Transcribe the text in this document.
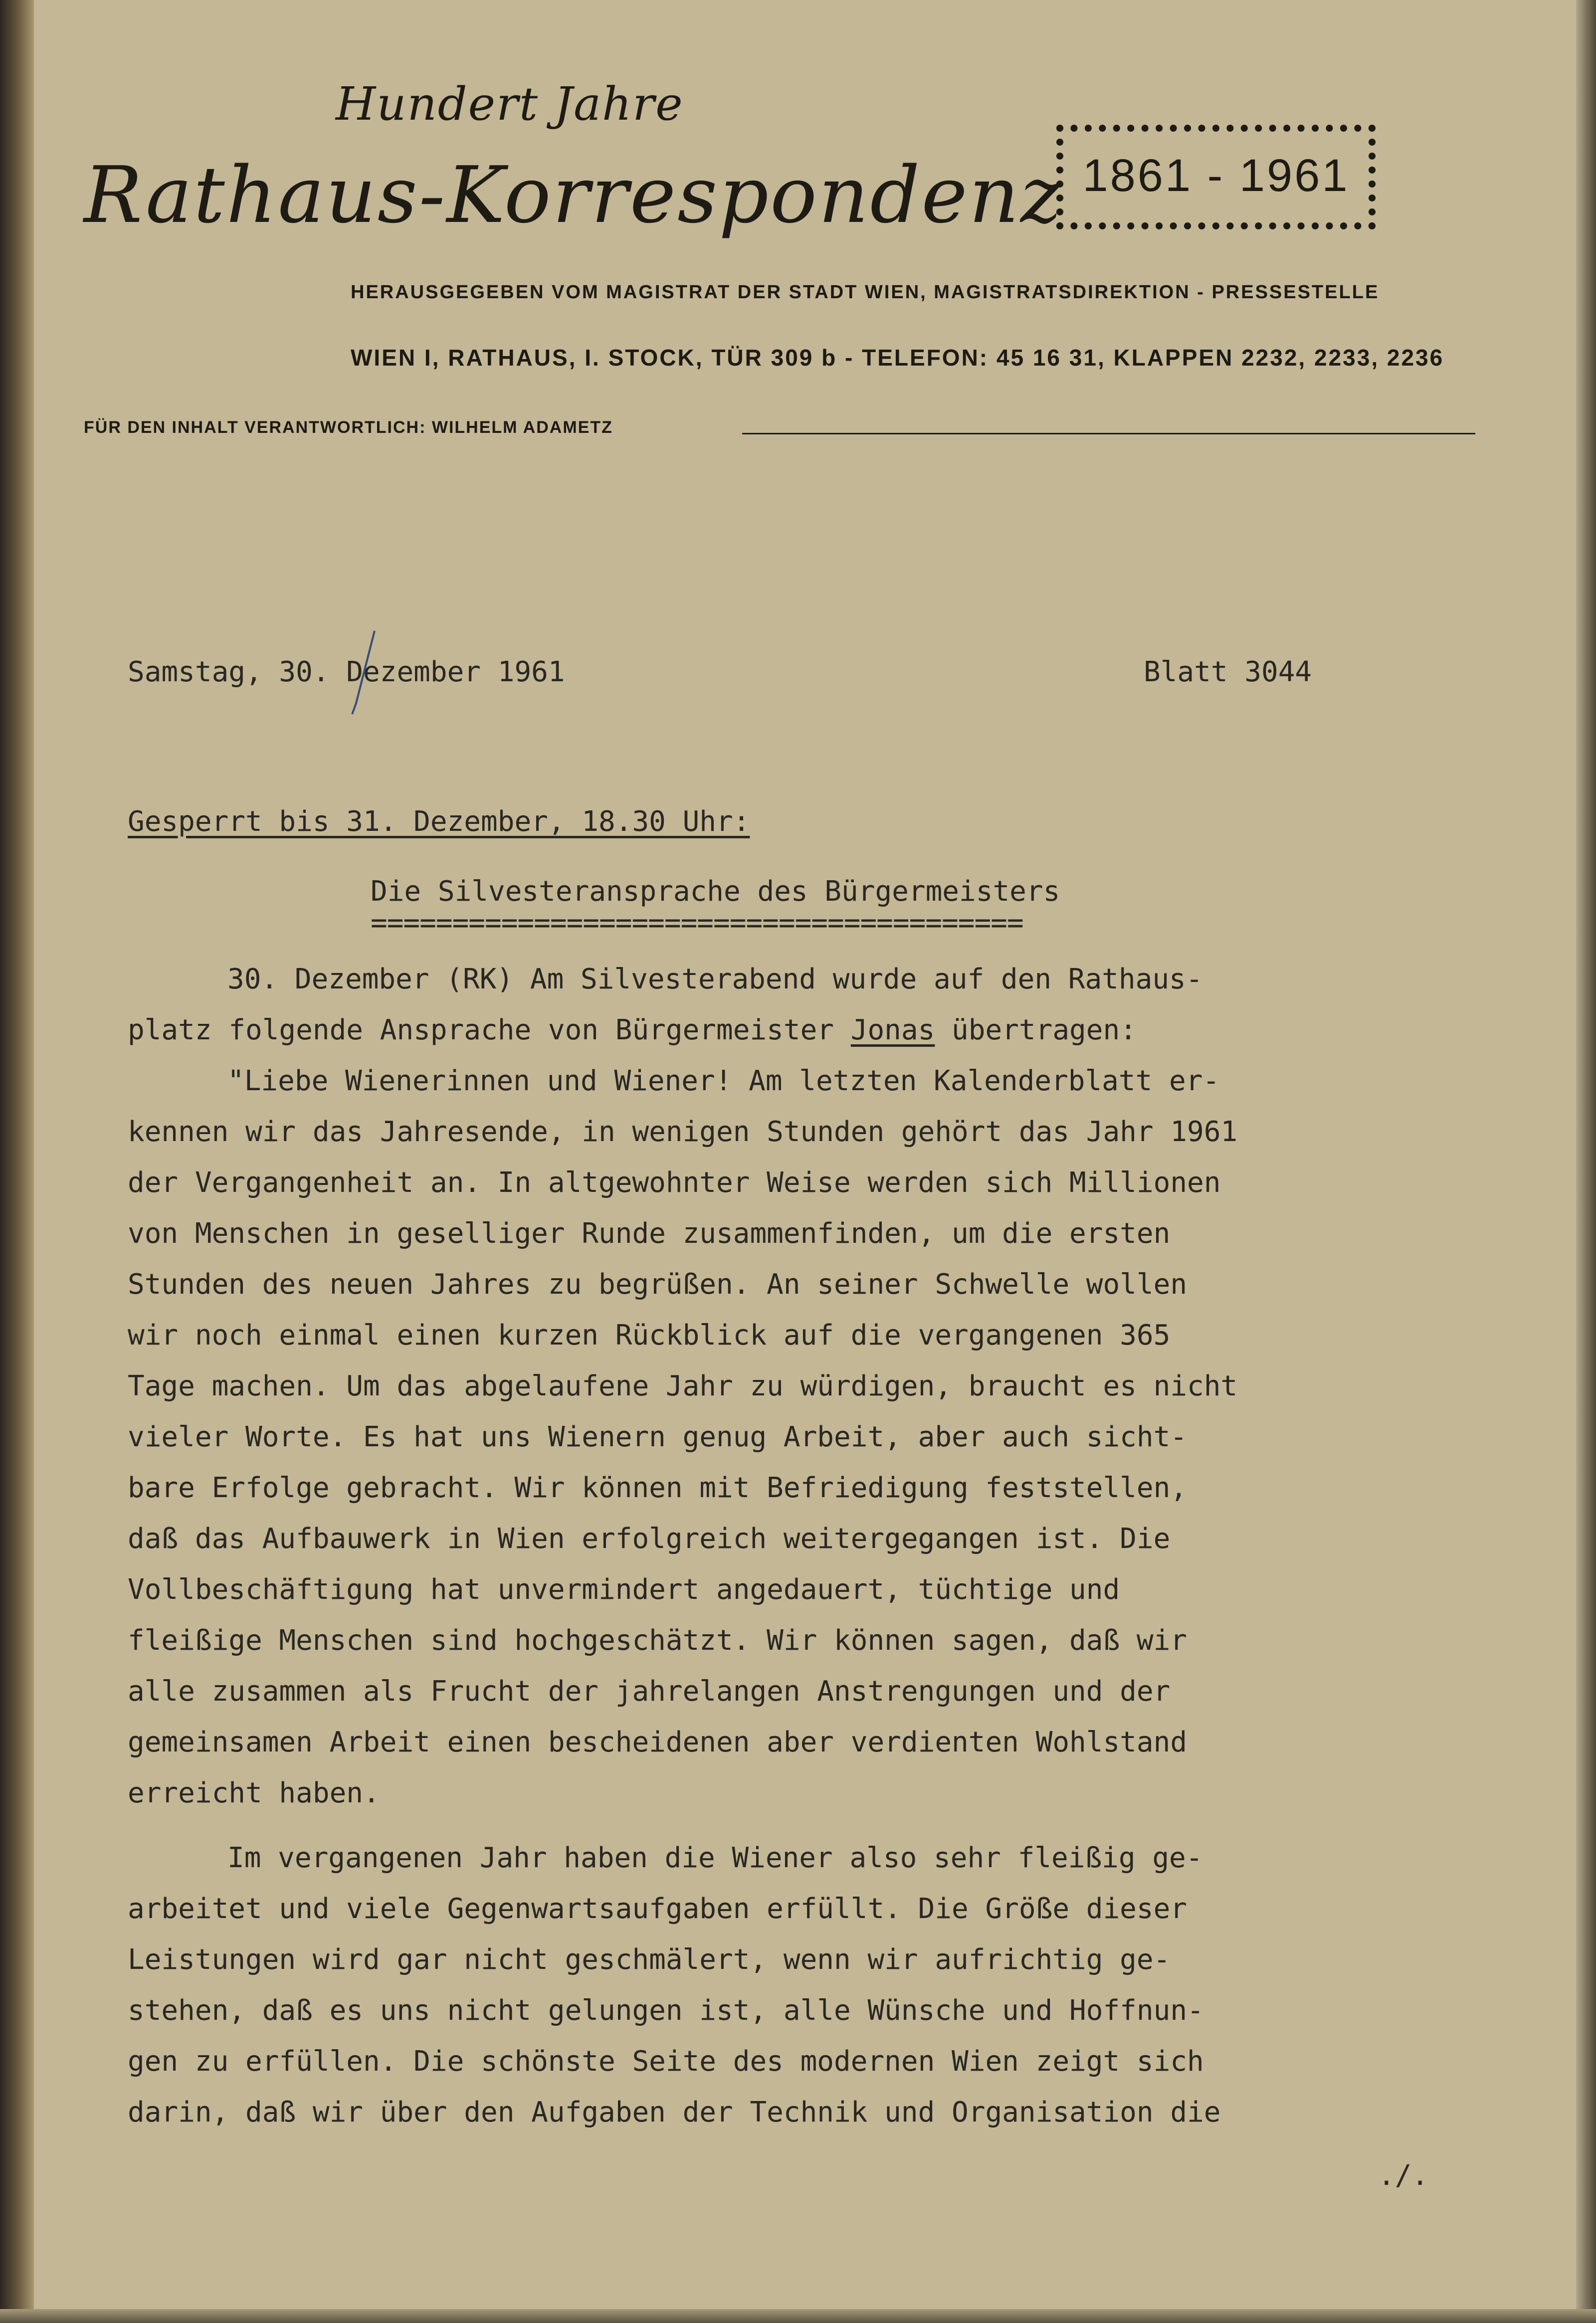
Hundert Jahre
Rathaus-Korrespondenz 1861 - 1961
HERAUSGEGEBEN VOM MAGISTRAT DER STADT WIEN, MAGISTRATSDIREKTION - PRESSESTELLE
WIEN I, RATHAUS, I. STOCK, TÜR 309 b - TELEFON: 45 16 31, KLAPPEN 2232, 2233, 2236
FÜR DEN INHALT VERANTWORTLICH: WILHELM ADAMETZ
Samstag, 30. Dezember 1961	Blatt 3044
Gesperrt bis 31. Dezember, 18.30 Uhr:
Die Silvesteransprache des Bürgermeisters
========================================
30. Dezember (RK) Am Silvesterabend wurde auf den Rathaus-
platz folgende Ansprache von Bürgermeister Jonas übertragen:
"Liebe Wienerinnen und Wiener! Am letzten Kalenderblatt er-
kennen wir das Jahresende, in wenigen Stunden gehört das Jahr 1961
der Vergangenheit an. In altgewohnter Weise werden sich Millionen
von Menschen in geselliger Runde zusammenfinden, um die ersten
Stunden des neuen Jahres zu begrüßen. An seiner Schwelle wollen
wir noch einmal einen kurzen Rückblick auf die vergangenen 365
Tage machen. Um das abgelaufene Jahr zu würdigen, braucht es nicht
vieler Worte. Es hat uns Wienern genug Arbeit, aber auch sicht-
bare Erfolge gebracht. Wir können mit Befriedigung feststellen,
daß das Aufbauwerk in Wien erfolgreich weitergegangen ist. Die
Vollbeschäftigung hat unvermindert angedauert, tüchtige und
fleißige Menschen sind hochgeschätzt. Wir können sagen, daß wir
alle zusammen als Frucht der jahrelangen Anstrengungen und der
gemeinsamen Arbeit einen bescheidenen aber verdienten Wohlstand
erreicht haben.
Im vergangenen Jahr haben die Wiener also sehr fleißig ge-
arbeitet und viele Gegenwartsaufgaben erfüllt. Die Größe dieser
Leistungen wird gar nicht geschmälert, wenn wir aufrichtig ge-
stehen, daß es uns nicht gelungen ist, alle Wünsche und Hoffnun-
gen zu erfüllen. Die schönste Seite des modernen Wien zeigt sich
darin, daß wir über den Aufgaben der Technik und Organisation die
./.
